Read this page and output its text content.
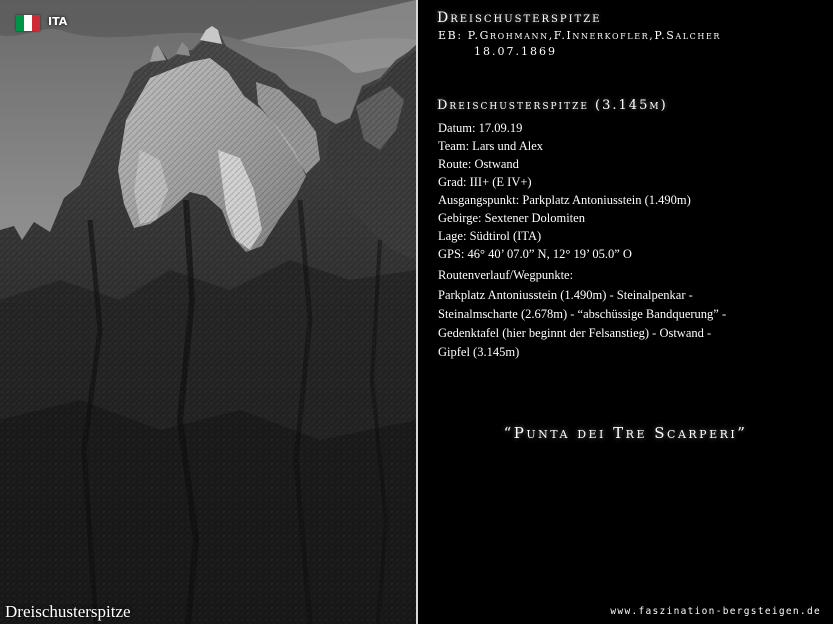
ITA
Dreischusterspitze
Dreischusterspitze
EB: P.Grohmann,F.Innerkofler,P.Salcher
18.07.1869
Dreischusterspitze (3.145m)
Datum: 17.09.19
Team: Lars und Alex
Route: Ostwand
Grad: III+ (E IV+)
Ausgangspunkt: Parkplatz Antoniusstein (1.490m)
Gebirge: Sextener Dolomiten
Lage: Südtirol (ITA)
GPS: 46° 40’ 07.0” N, 12° 19’ 05.0” O
Routenverlauf/Wegpunkte:
Parkplatz Antoniusstein (1.490m) - Steinalpenkar -
Steinalmscharte (2.678m) - “abschüssige Bandquerung” -
Gedenktafel (hier beginnt der Felsanstieg) - Ostwand -
Gipfel (3.145m)
“Punta dei Tre Scarperi”
www.faszination-bergsteigen.de
